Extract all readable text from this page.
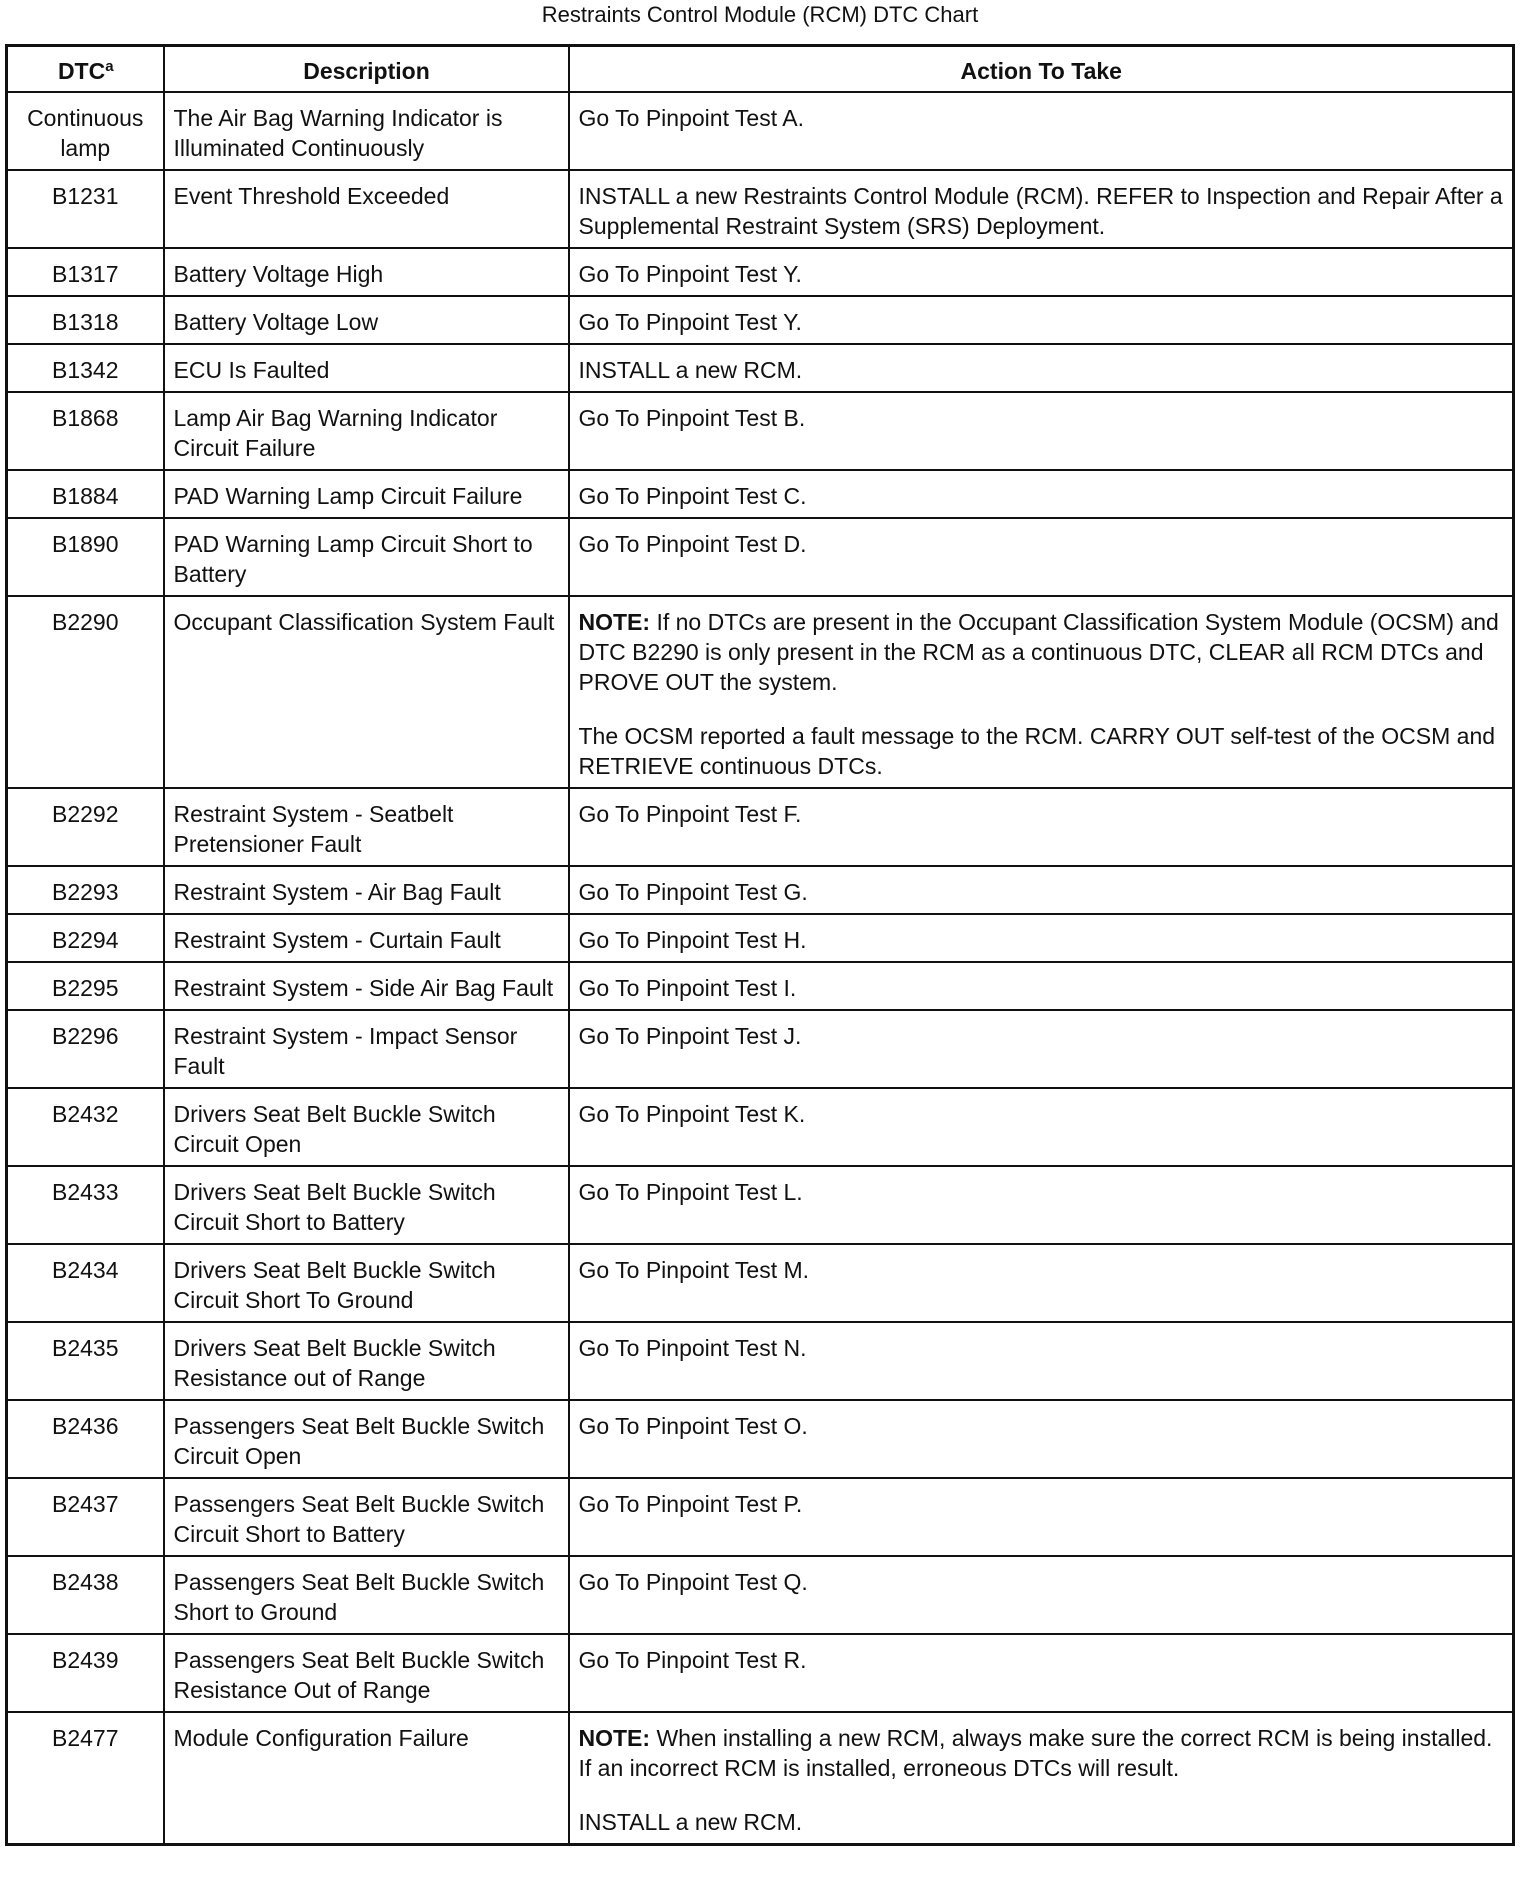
Restraints Control Module (RCM) DTC Chart
DTC$^a$	Description	Action To Take
Continuous lamp	The Air Bag Warning Indicator is Illuminated Continuously	Go To Pinpoint Test A.
B1231	Event Threshold Exceeded	INSTALL a new Restraints Control Module (RCM). REFER to Inspection and Repair After a Supplemental Restraint System (SRS) Deployment.
B1317	Battery Voltage High	Go To Pinpoint Test Y.
B1318	Battery Voltage Low	Go To Pinpoint Test Y.
B1342	ECU Is Faulted	INSTALL a new RCM.
B1868	Lamp Air Bag Warning Indicator Circuit Failure	Go To Pinpoint Test B.
B1884	PAD Warning Lamp Circuit Failure	Go To Pinpoint Test C.
B1890	PAD Warning Lamp Circuit Short to Battery	Go To Pinpoint Test D.
B2290	Occupant Classification System Fault	NOTE: If no DTCs are present in the Occupant Classification System Module (OCSM) and DTC B2290 is only present in the RCM as a continuous DTC, CLEAR all RCM DTCs and PROVE OUT the system.
The OCSM reported a fault message to the RCM. CARRY OUT self-test of the OCSM and RETRIEVE continuous DTCs.

B2292	Restraint System - Seatbelt Pretensioner Fault	Go To Pinpoint Test F.
B2293	Restraint System - Air Bag Fault	Go To Pinpoint Test G.
B2294	Restraint System - Curtain Fault	Go To Pinpoint Test H.
B2295	Restraint System - Side Air Bag Fault	Go To Pinpoint Test I.
B2296	Restraint System - Impact Sensor Fault	Go To Pinpoint Test J.
B2432	Drivers Seat Belt Buckle Switch Circuit Open	Go To Pinpoint Test K.
B2433	Drivers Seat Belt Buckle Switch Circuit Short to Battery	Go To Pinpoint Test L.
B2434	Drivers Seat Belt Buckle Switch Circuit Short To Ground	Go To Pinpoint Test M.
B2435	Drivers Seat Belt Buckle Switch Resistance out of Range	Go To Pinpoint Test N.
B2436	Passengers Seat Belt Buckle Switch Circuit Open	Go To Pinpoint Test O.
B2437	Passengers Seat Belt Buckle Switch Circuit Short to Battery	Go To Pinpoint Test P.
B2438	Passengers Seat Belt Buckle Switch Short to Ground	Go To Pinpoint Test Q.
B2439	Passengers Seat Belt Buckle Switch Resistance Out of Range	Go To Pinpoint Test R.
B2477	Module Configuration Failure	NOTE: When installing a new RCM, always make sure the correct RCM is being installed. If an incorrect RCM is installed, erroneous DTCs will result.
INSTALL a new RCM.
